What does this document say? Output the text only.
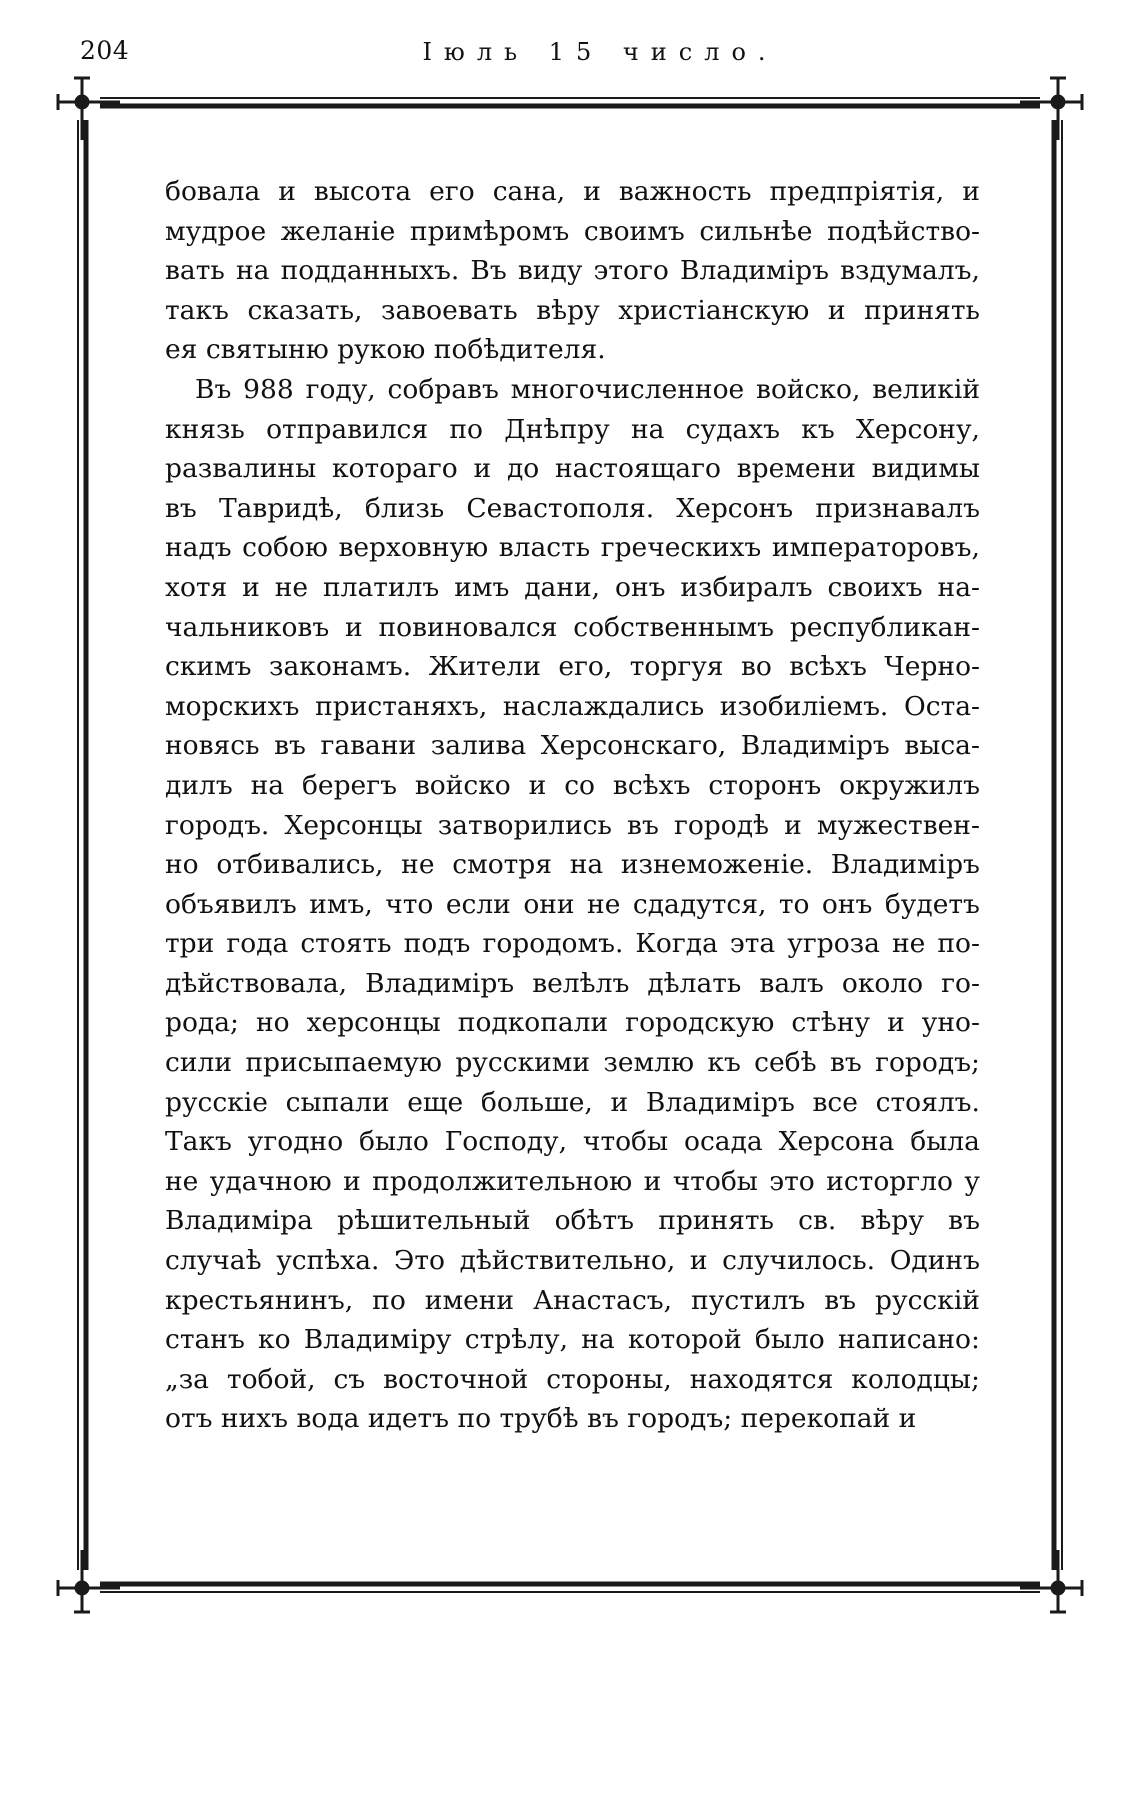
204	Іюль 15 число.
бовала и высота его сана, и важность предпріятія, и
мудрое желаніе примѣромъ своимъ сильнѣе подѣйство-
вать на подданныхъ. Въ виду этого Владиміръ вздумалъ,
такъ сказать, завоевать вѣру христіанскую и принять
ея святыню рукою побѣдителя.
Въ 988 году, собравъ многочисленное войско, великій
князь отправился по Днѣпру на судахъ къ Херсону,
развалины котораго и до настоящаго времени видимы
въ Тавридѣ, близь Севастополя. Херсонъ признавалъ
надъ собою верховную власть греческихъ императоровъ,
хотя и не платилъ имъ дани, онъ избиралъ своихъ на-
чальниковъ и повиновался собственнымъ республикан-
скимъ законамъ. Жители его, торгуя во всѣхъ Черно-
морскихъ пристаняхъ, наслаждались изобиліемъ. Оста-
новясь въ гавани залива Херсонскаго, Владиміръ выса-
дилъ на берегъ войско и со всѣхъ сторонъ окружилъ
городъ. Херсонцы затворились въ городѣ и мужествен-
но отбивались, не смотря на изнеможеніе. Владиміръ
объявилъ имъ, что если они не сдадутся, то онъ будетъ
три года стоять подъ городомъ. Когда эта угроза не по-
дѣйствовала, Владиміръ велѣлъ дѣлать валъ около го-
рода; но херсонцы подкопали городскую стѣну и уно-
сили присыпаемую русскими землю къ себѣ въ городъ;
русскіе сыпали еще больше, и Владиміръ все стоялъ.
Такъ угодно было Господу, чтобы осада Херсона была
не удачною и продолжительною и чтобы это исторгло у
Владиміра рѣшительный обѣтъ принять св. вѣру въ
случаѣ успѣха. Это дѣйствительно, и случилось. Одинъ
крестьянинъ, по имени Анастасъ, пустилъ въ русскій
станъ ко Владиміру стрѣлу, на которой было написано:
„за тобой, съ восточной стороны, находятся колодцы;
отъ нихъ вода идетъ по трубѣ въ городъ; перекопай и
